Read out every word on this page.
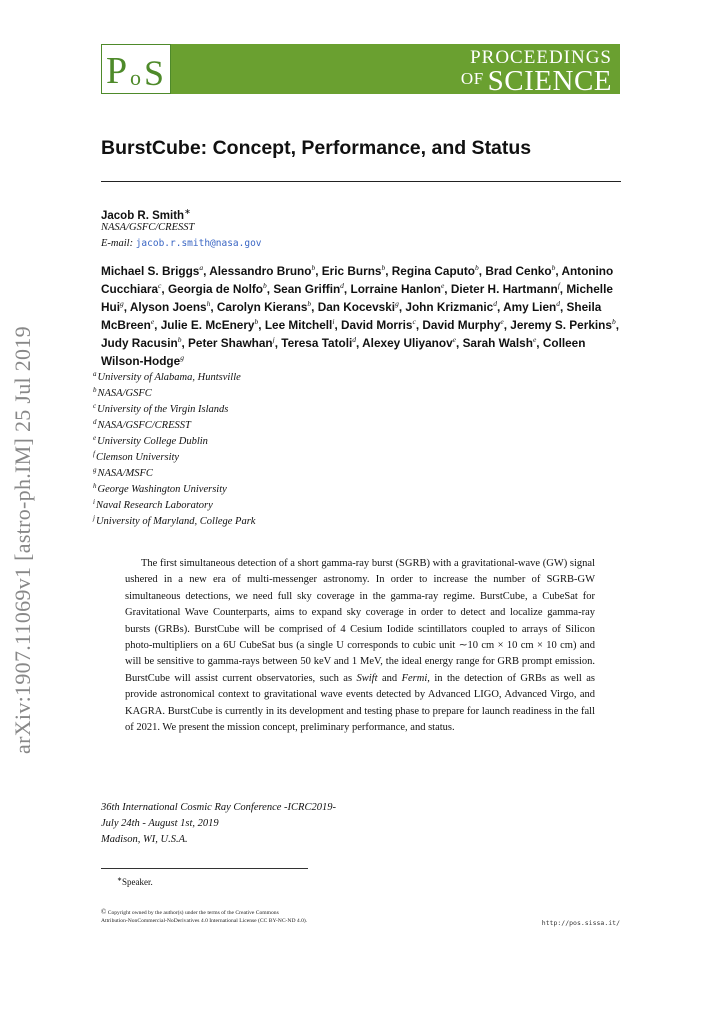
P o S	PROCEEDINGS
$^{OF}$ SCIENCE
arXiv:1907.11069v1 [astro-ph.IM] 25 Jul 2019
BurstCube: Concept, Performance, and Status
Jacob R. Smith∗
NASA/GSFC/CRESST
E-mail: jacob.r.smith@nasa.gov
Michael S. Briggs$^a$, Alessandro Bruno$^b$, Eric Burns$^b$, Regina Caputo$^b$, Brad Cenko$^b$, Antonino Cucchiara$^c$, Georgia de Nolfo$^b$, Sean Griffin$^d$, Lorraine Hanlon$^e$, Dieter H. Hartmann$^f$, Michelle Hui$^g$, Alyson Joens$^h$, Carolyn Kierans$^b$, Dan Kocevski$^g$, John Krizmanic$^d$, Amy Lien$^d$, Sheila McBreen$^e$, Julie E. McEnery$^b$, Lee Mitchell$^i$, David Morris$^c$, David Murphy$^e$, Jeremy S. Perkins$^b$, Judy Racusin$^b$, Peter Shawhan$^j$, Teresa Tatoli$^d$, Alexey Uliyanov$^e$, Sarah Walsh$^e$, Colleen Wilson-Hodge$^g$
$^a$University of Alabama, Huntsville
$^b$NASA/GSFC
$^c$University of the Virgin Islands
$^d$NASA/GSFC/CRESST
$^e$University College Dublin
$^f$Clemson University
$^g$NASA/MSFC
$^h$George Washington University
$^i$Naval Research Laboratory
$^j$University of Maryland, College Park
The first simultaneous detection of a short gamma-ray burst (SGRB) with a gravitational-wave (GW) signal ushered in a new era of multi-messenger astronomy. In order to increase the number of SGRB-GW simultaneous detections, we need full sky coverage in the gamma-ray regime. BurstCube, a CubeSat for Gravitational Wave Counterparts, aims to expand sky coverage in order to detect and localize gamma-ray bursts (GRBs). BurstCube will be comprised of 4 Cesium Iodide scintillators coupled to arrays of Silicon photo-multipliers on a 6U CubeSat bus (a single U corresponds to cubic unit ∼10 cm × 10 cm × 10 cm) and will be sensitive to gamma-rays between 50 keV and 1 MeV, the ideal energy range for GRB prompt emission. BurstCube will assist current observatories, such as Swift and Fermi, in the detection of GRBs as well as provide astronomical context to gravitational wave events detected by Advanced LIGO, Advanced Virgo, and KAGRA. BurstCube is currently in its development and testing phase to prepare for launch readiness in the fall of 2021. We present the mission concept, preliminary performance, and status.
36th International Cosmic Ray Conference -ICRC2019-
July 24th - August 1st, 2019
Madison, WI, U.S.A.
∗Speaker.
© Copyright owned by the author(s) under the terms of the Creative Commons
Attribution-NonCommercial-NoDerivatives 4.0 International License (CC BY-NC-ND 4.0).	http://pos.sissa.it/
